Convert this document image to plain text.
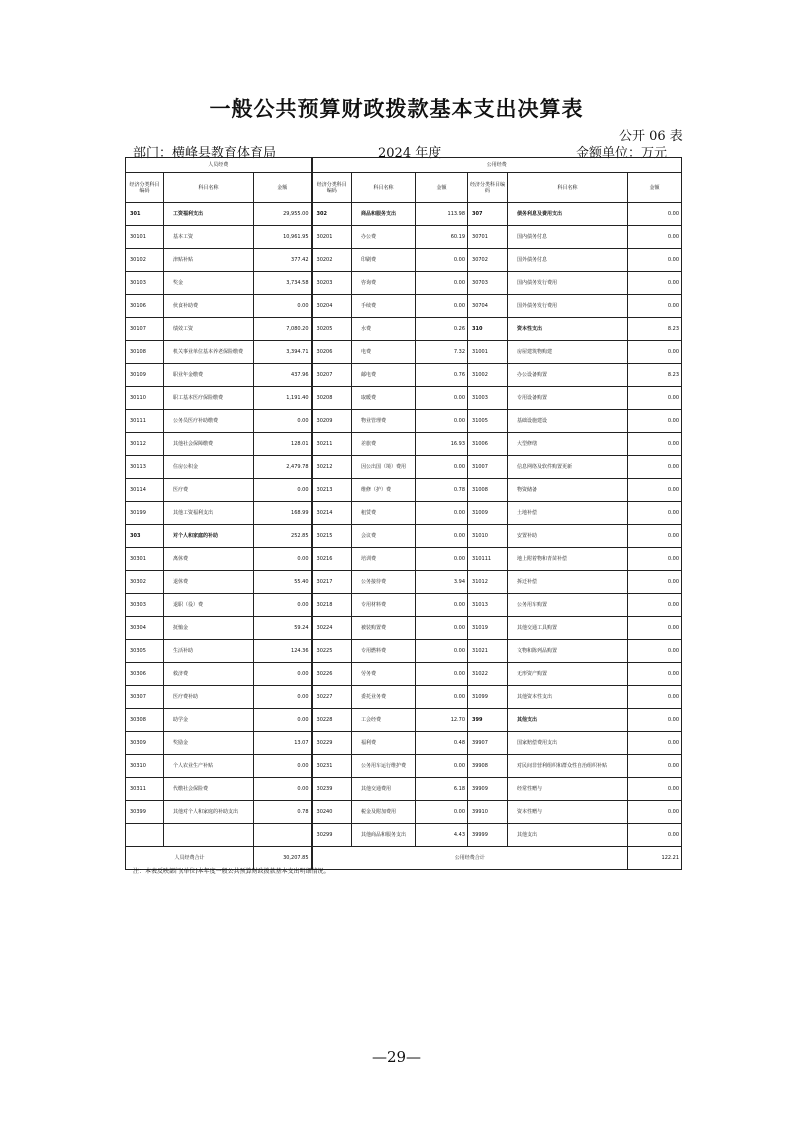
一般公共预算财政拨款基本支出决算表
公开 06 表
部门：横峰县教育体育局	2024 年度	金额单位：万元
人员经费			公用经费					
经济分类科目编码	科目名称	金额	经济分类科目编码	科目名称	金额	经济分类科目编码	科目名称	金额
301	工资福利支出	29,955.00	302	商品和服务支出	113.98	307	债务利息及费用支出	0.00
30101	基本工资	10,961.95	30201	办公费	60.19	30701	国内债务付息	0.00
30102	津贴补贴	377.42	30202	印刷费	0.00	30702	国外债务付息	0.00
30103	奖金	3,734.58	30203	咨询费	0.00	30703	国内债务发行费用	0.00
30106	伙食补助费	0.00	30204	手续费	0.00	30704	国外债务发行费用	0.00
30107	绩效工资	7,080.20	30205	水费	0.26	310	资本性支出	8.23
30108	机关事业单位基本养老保险缴费	3,394.71	30206	电费	7.32	31001	房屋建筑物购建	0.00
30109	职业年金缴费	437.96	30207	邮电费	0.76	31002	办公设备购置	8.23
30110	职工基本医疗保险缴费	1,191.40	30208	取暖费	0.00	31003	专用设备购置	0.00
30111	公务员医疗补助缴费	0.00	30209	物业管理费	0.00	31005	基础设施建设	0.00
30112	其他社会保障缴费	128.01	30211	差旅费	16.93	31006	大型修缮	0.00
30113	住房公积金	2,479.78	30212	因公出国（境）费用	0.00	31007	信息网络及软件购置更新	0.00
30114	医疗费	0.00	30213	维修（护）费	0.78	31008	物资储备	0.00
30199	其他工资福利支出	168.99	30214	租赁费	0.00	31009	土地补偿	0.00
303	对个人和家庭的补助	252.85	30215	会议费	0.00	31010	安置补助	0.00
30301	离休费	0.00	30216	培训费	0.00	310111	地上附着物和青苗补偿	0.00
30302	退休费	55.40	30217	公务接待费	3.94	31012	拆迁补偿	0.00
30303	退职（役）费	0.00	30218	专用材料费	0.00	31013	公务用车购置	0.00
30304	抚恤金	59.24	30224	被装购置费	0.00	31019	其他交通工具购置	0.00
30305	生活补助	124.36	30225	专用燃料费	0.00	31021	文物和陈列品购置	0.00
30306	救济费	0.00	30226	劳务费	0.00	31022	无形资产购置	0.00
30307	医疗费补助	0.00	30227	委托业务费	0.00	31099	其他资本性支出	0.00
30308	助学金	0.00	30228	工会经费	12.70	399	其他支出	0.00
30309	奖励金	13.07	30229	福利费	0.48	39907	国家赔偿费用支出	0.00
30310	个人农业生产补贴	0.00	30231	公务用车运行维护费	0.00	39908	对民间非营利组织和群众性自治组织补贴	0.00
30311	代缴社会保险费	0.00	30239	其他交通费用	6.18	39909	经常性赠与	0.00
30399	其他对个人和家庭的补助支出	0.78	30240	税金及附加费用	0.00	39910	资本性赠与	0.00
			30299	其他商品和服务支出	4.43	39999	其他支出	0.00
人员经费合计		30,207.85	公用经费合计					122.21
注：本表反映部门(单位)本年度一般公共预算财政拨款基本支出明细情况。
—29—
